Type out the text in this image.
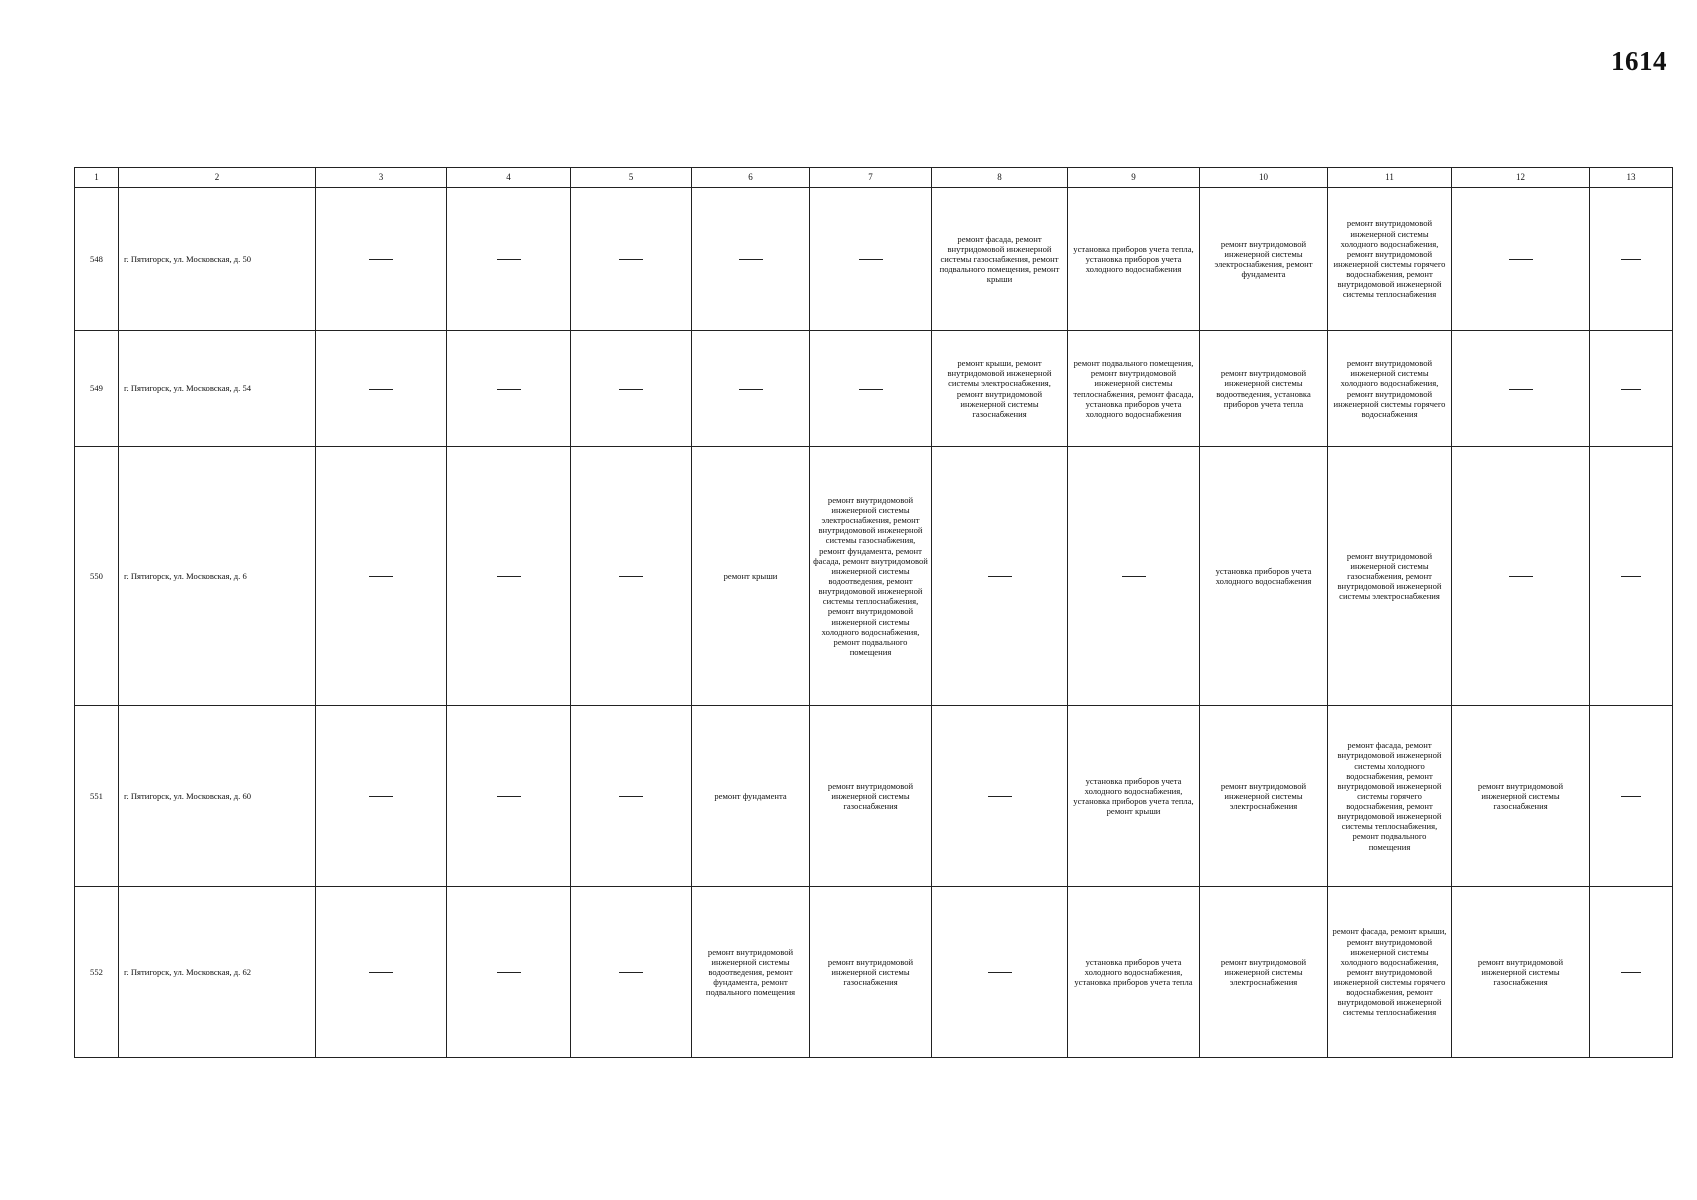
1614
1	2	3	4	5	6	7	8	9	10	11	12	13
548	г. Пятигорск, ул. Московская, д. 50						ремонт фасада, ремонт внутридомовой инженерной системы газоснабжения, ремонт подвального помещения, ремонт крыши	установка приборов учета тепла, установка приборов учета холодного водоснабжения	ремонт внутридомовой инженерной системы электроснабжения, ремонт фундамента	ремонт внутридомовой инженерной системы холодного водоснабжения, ремонт внутридомовой инженерной системы горячего водоснабжения, ремонт внутридомовой инженерной системы теплоснабжения		
549	г. Пятигорск, ул. Московская, д. 54						ремонт крыши, ремонт внутридомовой инженерной системы электроснабжения, ремонт внутридомовой инженерной системы газоснабжения	ремонт подвального помещения, ремонт внутридомовой инженерной системы теплоснабжения, ремонт фасада, установка приборов учета холодного водоснабжения	ремонт внутридомовой инженерной системы водоотведения, установка приборов учета тепла	ремонт внутридомовой инженерной системы холодного водоснабжения, ремонт внутридомовой инженерной системы горячего водоснабжения		
550	г. Пятигорск, ул. Московская, д. 6				ремонт крыши	ремонт внутридомовой инженерной системы электроснабжения, ремонт внутридомовой инженерной системы газоснабжения, ремонт фундамента, ремонт фасада, ремонт внутридомовой инженерной системы водоотведения, ремонт внутридомовой инженерной системы теплоснабжения, ремонт внутридомовой инженерной системы холодного водоснабжения, ремонт подвального помещения			установка приборов учета холодного водоснабжения	ремонт внутридомовой инженерной системы газоснабжения, ремонт внутридомовой инженерной системы электроснабжения		
551	г. Пятигорск, ул. Московская, д. 60				ремонт фундамента	ремонт внутридомовой инженерной системы газоснабжения		установка приборов учета холодного водоснабжения, установка приборов учета тепла, ремонт крыши	ремонт внутридомовой инженерной системы электроснабжения	ремонт фасада, ремонт внутридомовой инженерной системы холодного водоснабжения, ремонт внутридомовой инженерной системы горячего водоснабжения, ремонт внутридомовой инженерной системы теплоснабжения, ремонт подвального помещения	ремонт внутридомовой инженерной системы газоснабжения	
552	г. Пятигорск, ул. Московская, д. 62				ремонт внутридомовой инженерной системы водоотведения, ремонт фундамента, ремонт подвального помещения	ремонт внутридомовой инженерной системы газоснабжения		установка приборов учета холодного водоснабжения, установка приборов учета тепла	ремонт внутридомовой инженерной системы электроснабжения	ремонт фасада, ремонт крыши, ремонт внутридомовой инженерной системы холодного водоснабжения, ремонт внутридомовой инженерной системы горячего водоснабжения, ремонт внутридомовой инженерной системы теплоснабжения	ремонт внутридомовой инженерной системы газоснабжения	
